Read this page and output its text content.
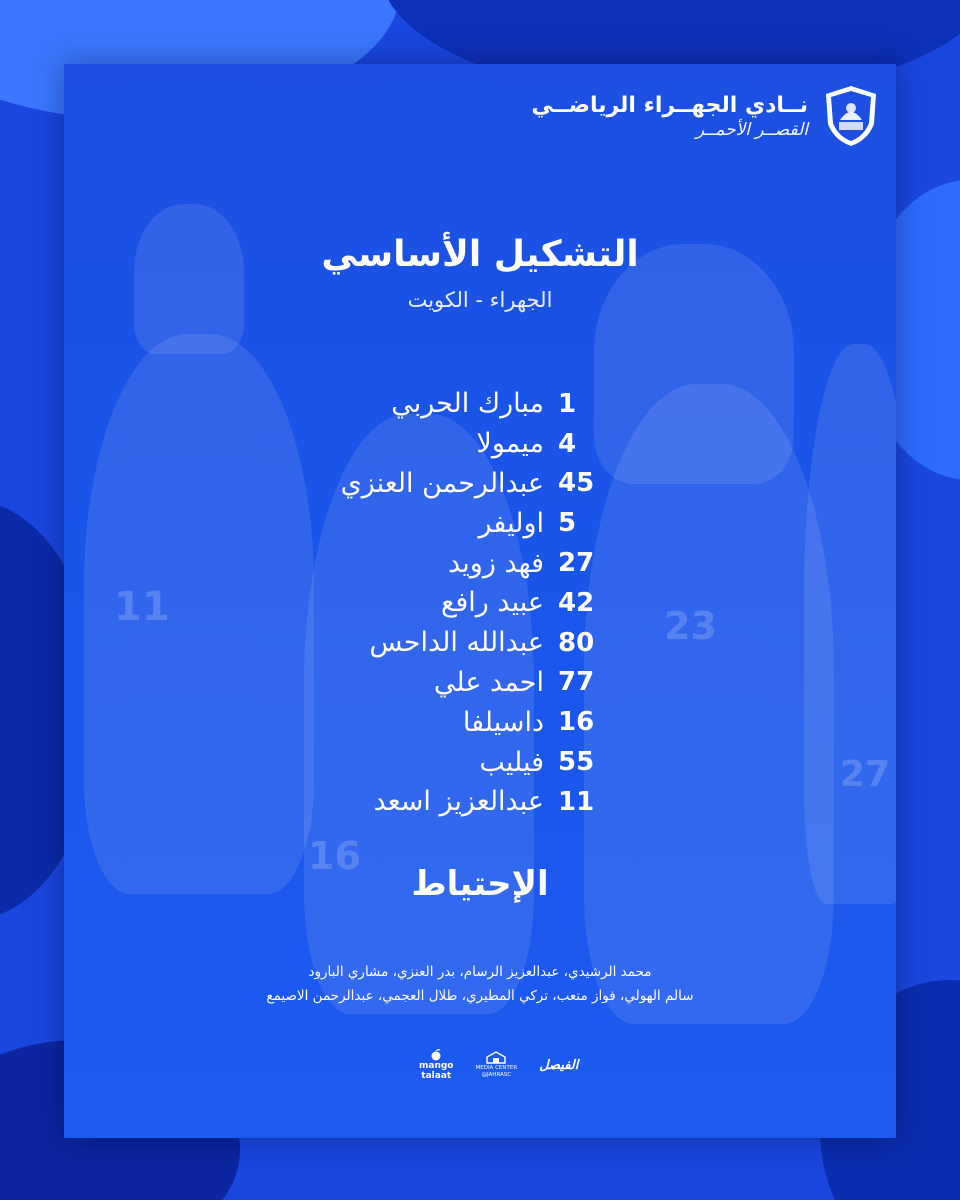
11	23
16
27
نــادي الجهــراء الرياضــي
القصــر الأحمــر
التشكيل الأساسي
الجهراء - الكويت
مبارك الحربي 1
ميمولا 4
عبدالرحمن العنزي 45
اوليفر 5
فهد زويد 27
عبيد رافع 42
عبدالله الداحس 80
احمد علي 77
داسيلفا 16
فيليب 55
عبدالعزيز اسعد 11
الإحتياط
محمد الرشيدي، عبدالعزيز الرسام، بدر العنزي، مشاري البارود
سالم الهولي، فواز متعب، تركي المطيري، طلال العجمي، عبدالرحمن الاصيمع
mango
talaat
MEDIA CENTER
@JAHRASC
الفيصل
